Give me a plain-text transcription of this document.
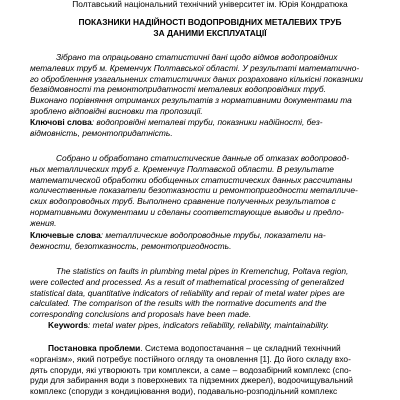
Полтавський національний технічний університет ім. Юрія Кондратюка
ПОКАЗНИКИ НАДІЙНОСТІ ВОДОПРОВІДНИХ МЕТАЛЕВИХ ТРУБ
ЗА ДАНИМИ ЕКСПЛУАТАЦІЇ
Зібрано та опрацьовано статистичні дані щодо відмов водопровідних
металевих труб м. Кременчук Полтавської області. У результаті математично-
го обробленння узагальнених статистичних даних розраховано кількісні показники
безвідмовності та ремонтопридатності металевих водопровідних труб.
Виконано порівняння отриманих результатів з нормативними документами та
зроблено відповідні висновки та пропозиції.
Ключові слова: водопровідні металеві труби, показники надійності, без-
відмовність, ремонтопридатність.
Собрано и обработано статистические данные об отказах водопровод-
ных металлических труб г. Кременчуг Полтавской области. В результате
математической обработки обобщенных статистических данных рассчитаны
количественные показатели безотказности и ремонтопригодности металличе-
ских водопроводных труб. Выполнено сравнение полученных результатов с
нормативными документами и сделаны соответствующие выводы и предло-
жения.
Ключевые слова: металлические водопроводные трубы, показатели на-
дежности, безотказность, ремонтопригодность.
The statistics on faults in plumbing metal pipes in Kremenchug, Poltava region,
were collected and processed. As a result of mathematical processing of generalized
statistical data, quantitative indicators of reliability and repair of metal water pipes are
calculated. The comparison of the results with the normative documents and the
corresponding conclusions and proposals have been made.
Keywords: metal water pipes, indicators reliability, reliability, maintainability.
Постановка проблеми. Система водопостачання – це складний технічний
«організм», який потребує постійного огляду та оновлення [1]. До його складу вхо-
дять споруди, які утворюють три комплекси, а саме – водозабірний комплекс (спо-
руди для забирання води з поверхневих та підземних джерел), водоочищувальний
комплекс (споруди з кондиціювання води), подавально-розподільний комплекс
